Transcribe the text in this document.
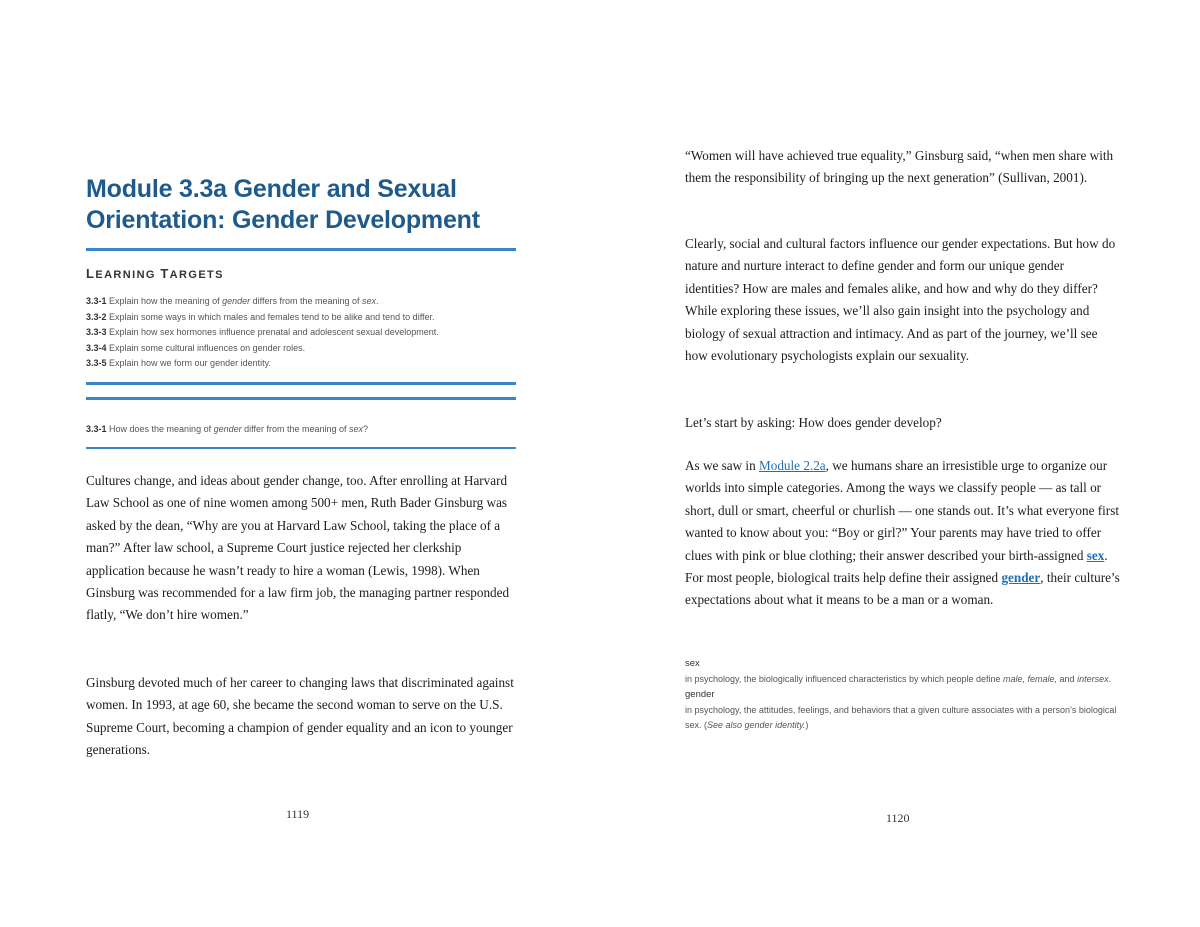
Module 3.3a Gender and Sexual Orientation: Gender Development
LEARNING TARGETS
3.3-1 Explain how the meaning of gender differs from the meaning of sex.
3.3-2 Explain some ways in which males and females tend to be alike and tend to differ.
3.3-3 Explain how sex hormones influence prenatal and adolescent sexual development.
3.3-4 Explain some cultural influences on gender roles.
3.3-5 Explain how we form our gender identity.

3.3-1 How does the meaning of gender differ from the meaning of sex?

Cultures change, and ideas about gender change, too. After enrolling at Harvard Law School as one of nine women among 500+ men, Ruth Bader Ginsburg was asked by the dean, “Why are you at Harvard Law School, taking the place of a man?” After law school, a Supreme Court justice rejected her clerkship application because he wasn’t ready to hire a woman (Lewis, 1998). When Ginsburg was recommended for a law firm job, the managing partner responded flatly, “We don’t hire women.”

Ginsburg devoted much of her career to changing laws that discriminated against women. In 1993, at age 60, she became the second woman to serve on the U.S. Supreme Court, becoming a champion of gender equality and an icon to younger generations.

1119

“Women will have achieved true equality,” Ginsburg said, “when men share with them the responsibility of bringing up the next generation” (Sullivan, 2001).

Clearly, social and cultural factors influence our gender expectations. But how do nature and nurture interact to define gender and form our unique gender identities? How are males and females alike, and how and why do they differ? While exploring these issues, we’ll also gain insight into the psychology and biology of sexual attraction and intimacy. And as part of the journey, we’ll see how evolutionary psychologists explain our sexuality.

Let’s start by asking: How does gender develop?

As we saw in Module 2.2a, we humans share an irresistible urge to organize our worlds into simple categories. Among the ways we classify people — as tall or short, dull or smart, cheerful or churlish — one stands out. It’s what everyone first wanted to know about you: “Boy or girl?” Your parents may have tried to offer clues with pink or blue clothing; their answer described your birth-assigned sex. For most people, biological traits help define their assigned gender, their culture’s expectations about what it means to be a man or a woman.

sex
in psychology, the biologically influenced characteristics by which people define male, female, and intersex.
gender
in psychology, the attitudes, feelings, and behaviors that a given culture associates with a person’s biological sex. (See also gender identity.)
1120
